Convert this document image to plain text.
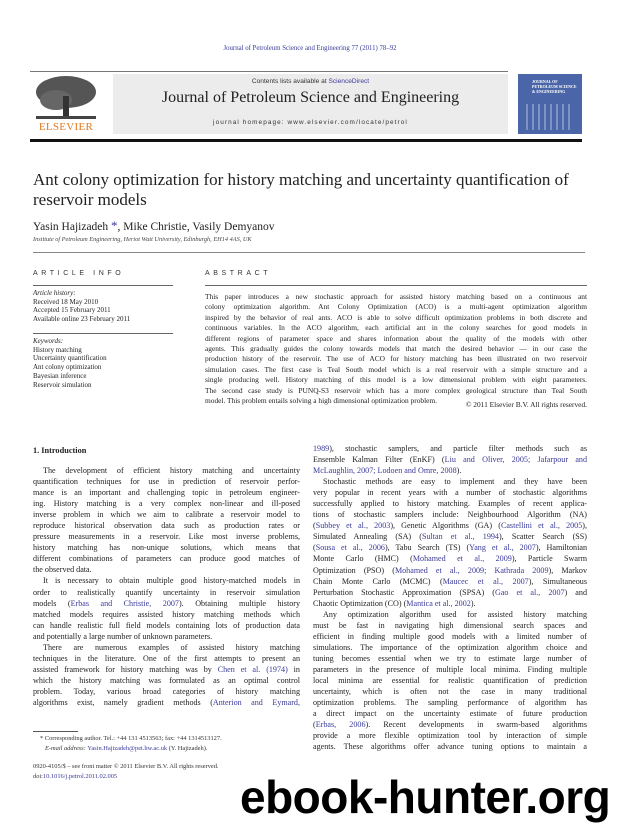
Journal of Petroleum Science and Engineering 77 (2011) 78–92
ELSEVIER
Contents lists available at ScienceDirect
Journal of Petroleum Science and Engineering
journal homepage: www.elsevier.com/locate/petrol
JOURNAL OF PETROLEUM SCIENCE & ENGINEERING
Ant colony optimization for history matching and uncertainty quantification of reservoir models
Yasin Hajizadeh *, Mike Christie, Vasily Demyanov
Institute of Petroleum Engineering, Heriot Watt University, Edinburgh, EH14 4AS, UK
ARTICLE INFO
Article history:
Received 18 May 2010
Accepted 15 February 2011
Available online 23 February 2011
Keywords:
History matching
Uncertainty quantification
Ant colony optimization
Bayesian inference
Reservoir simulation
ABSTRACT
This paper introduces a new stochastic approach for assisted history matching based on a continuous ant
colony optimization algorithm. Ant Colony Optimization (ACO) is a multi-agent optimization algorithm
inspired by the behavior of real ants. ACO is able to solve difficult optimization problems in both discrete and
continuous variables. In the ACO algorithm, each artificial ant in the colony searches for good models in
different regions of parameter space and shares information about the quality of the models with other
agents. This gradually guides the colony towards models that match the desired behavior — in our case the
production history of the reservoir. The use of ACO for history matching has been illustrated on two reservoir
simulation cases. The first case is Teal South model which is a real reservoir with a simple structure and a
single producing well. History matching of this model is a low dimensional problem with eight parameters.
The second case study is PUNQ-S3 reservoir which has a more complex geological structure than Teal South
model. This problem entails solving a high dimensional optimization problem.	© 2011 Elsevier B.V. All rights reserved.
1. Introduction
The development of efficient history matching and uncertainty
quantification techniques for use in prediction of reservoir perfor-
mance is an important and challenging topic in petroleum engineer-
ing. History matching is a very complex non-linear and ill-posed
inverse problem in which we aim to calibrate a reservoir model to
reproduce historical observation data such as production rates or
pressure measurements in a reservoir. Like most inverse problems,
history matching has non-unique solutions, which means that
different combinations of parameters can produce good matches of
the observed data.
It is necessary to obtain multiple good history-matched models in
order to realistically quantify uncertainty in reservoir simulation
models (Erbas and Christie, 2007). Obtaining multiple history
matched models requires assisted history matching methods which
can handle realistic full field models containing lots of production data
and potentially a large number of unknown parameters.
There are numerous examples of assisted history matching
techniques in the literature. One of the first attempts to present an
assisted framework for history matching was by Chen et al. (1974) in
which the history matching was formulated as an optimal control
problem. Today, various broad categories of history matching
algorithms exist, namely gradient methods (Anterion and Eymard,
1989), stochastic samplers, and particle filter methods such as
Ensemble Kalman Filter (EnKF) (Liu and Oliver, 2005; Jafarpour and
McLaughlin, 2007; Lodoen and Omre, 2008).
Stochastic methods are easy to implement and they have been
very popular in recent years with a number of stochastic algorithms
successfully applied to history matching. Examples of recent applica-
tions of stochastic samplers include: Neighbourhood Algorithm (NA)
(Subbey et al., 2003), Genetic Algorithms (GA) (Castellini et al., 2005),
Simulated Annealing (SA) (Sultan et al., 1994), Scatter Search (SS)
(Sousa et al., 2006), Tabu Search (TS) (Yang et al., 2007), Hamiltonian
Monte Carlo (HMC) (Mohamed et al., 2009), Particle Swarm
Optimization (PSO) (Mohamed et al., 2009; Kathrada 2009), Markov
Chain Monte Carlo (MCMC) (Maucec et al., 2007), Simultaneous
Perturbation Stochastic Approximation (SPSA) (Gao et al., 2007) and
Chaotic Optimization (CO) (Mantica et al., 2002).
Any optimization algorithm used for assisted history matching
must be fast in navigating high dimensional search spaces and
efficient in finding multiple good models with a limited number of
simulations. The importance of the optimization algorithm choice and
tuning becomes essential when we try to estimate large number of
parameters in the presence of multiple local minima. Finding multiple
local minima are essential for realistic quantification of prediction
uncertainty, which is often not the case in many traditional
optimization problems. The sampling performance of algorithm has
a direct impact on the uncertainty estimate of future production
(Erbas, 2006). Recent developments in swarm-based algorithms
provide a more flexible optimization tool by interaction of simple
agents. These algorithms offer advance tuning options to maintain a
* Corresponding author. Tel.: +44 131 4513563; fax: +44 1314513127.
E-mail address: Yasin.Hajizadeh@pet.hw.ac.uk (Y. Hajizadeh).
0920-4105/$ – see front matter © 2011 Elsevier B.V. All rights reserved.
doi:10.1016/j.petrol.2011.02.005	ebook-hunter.org
